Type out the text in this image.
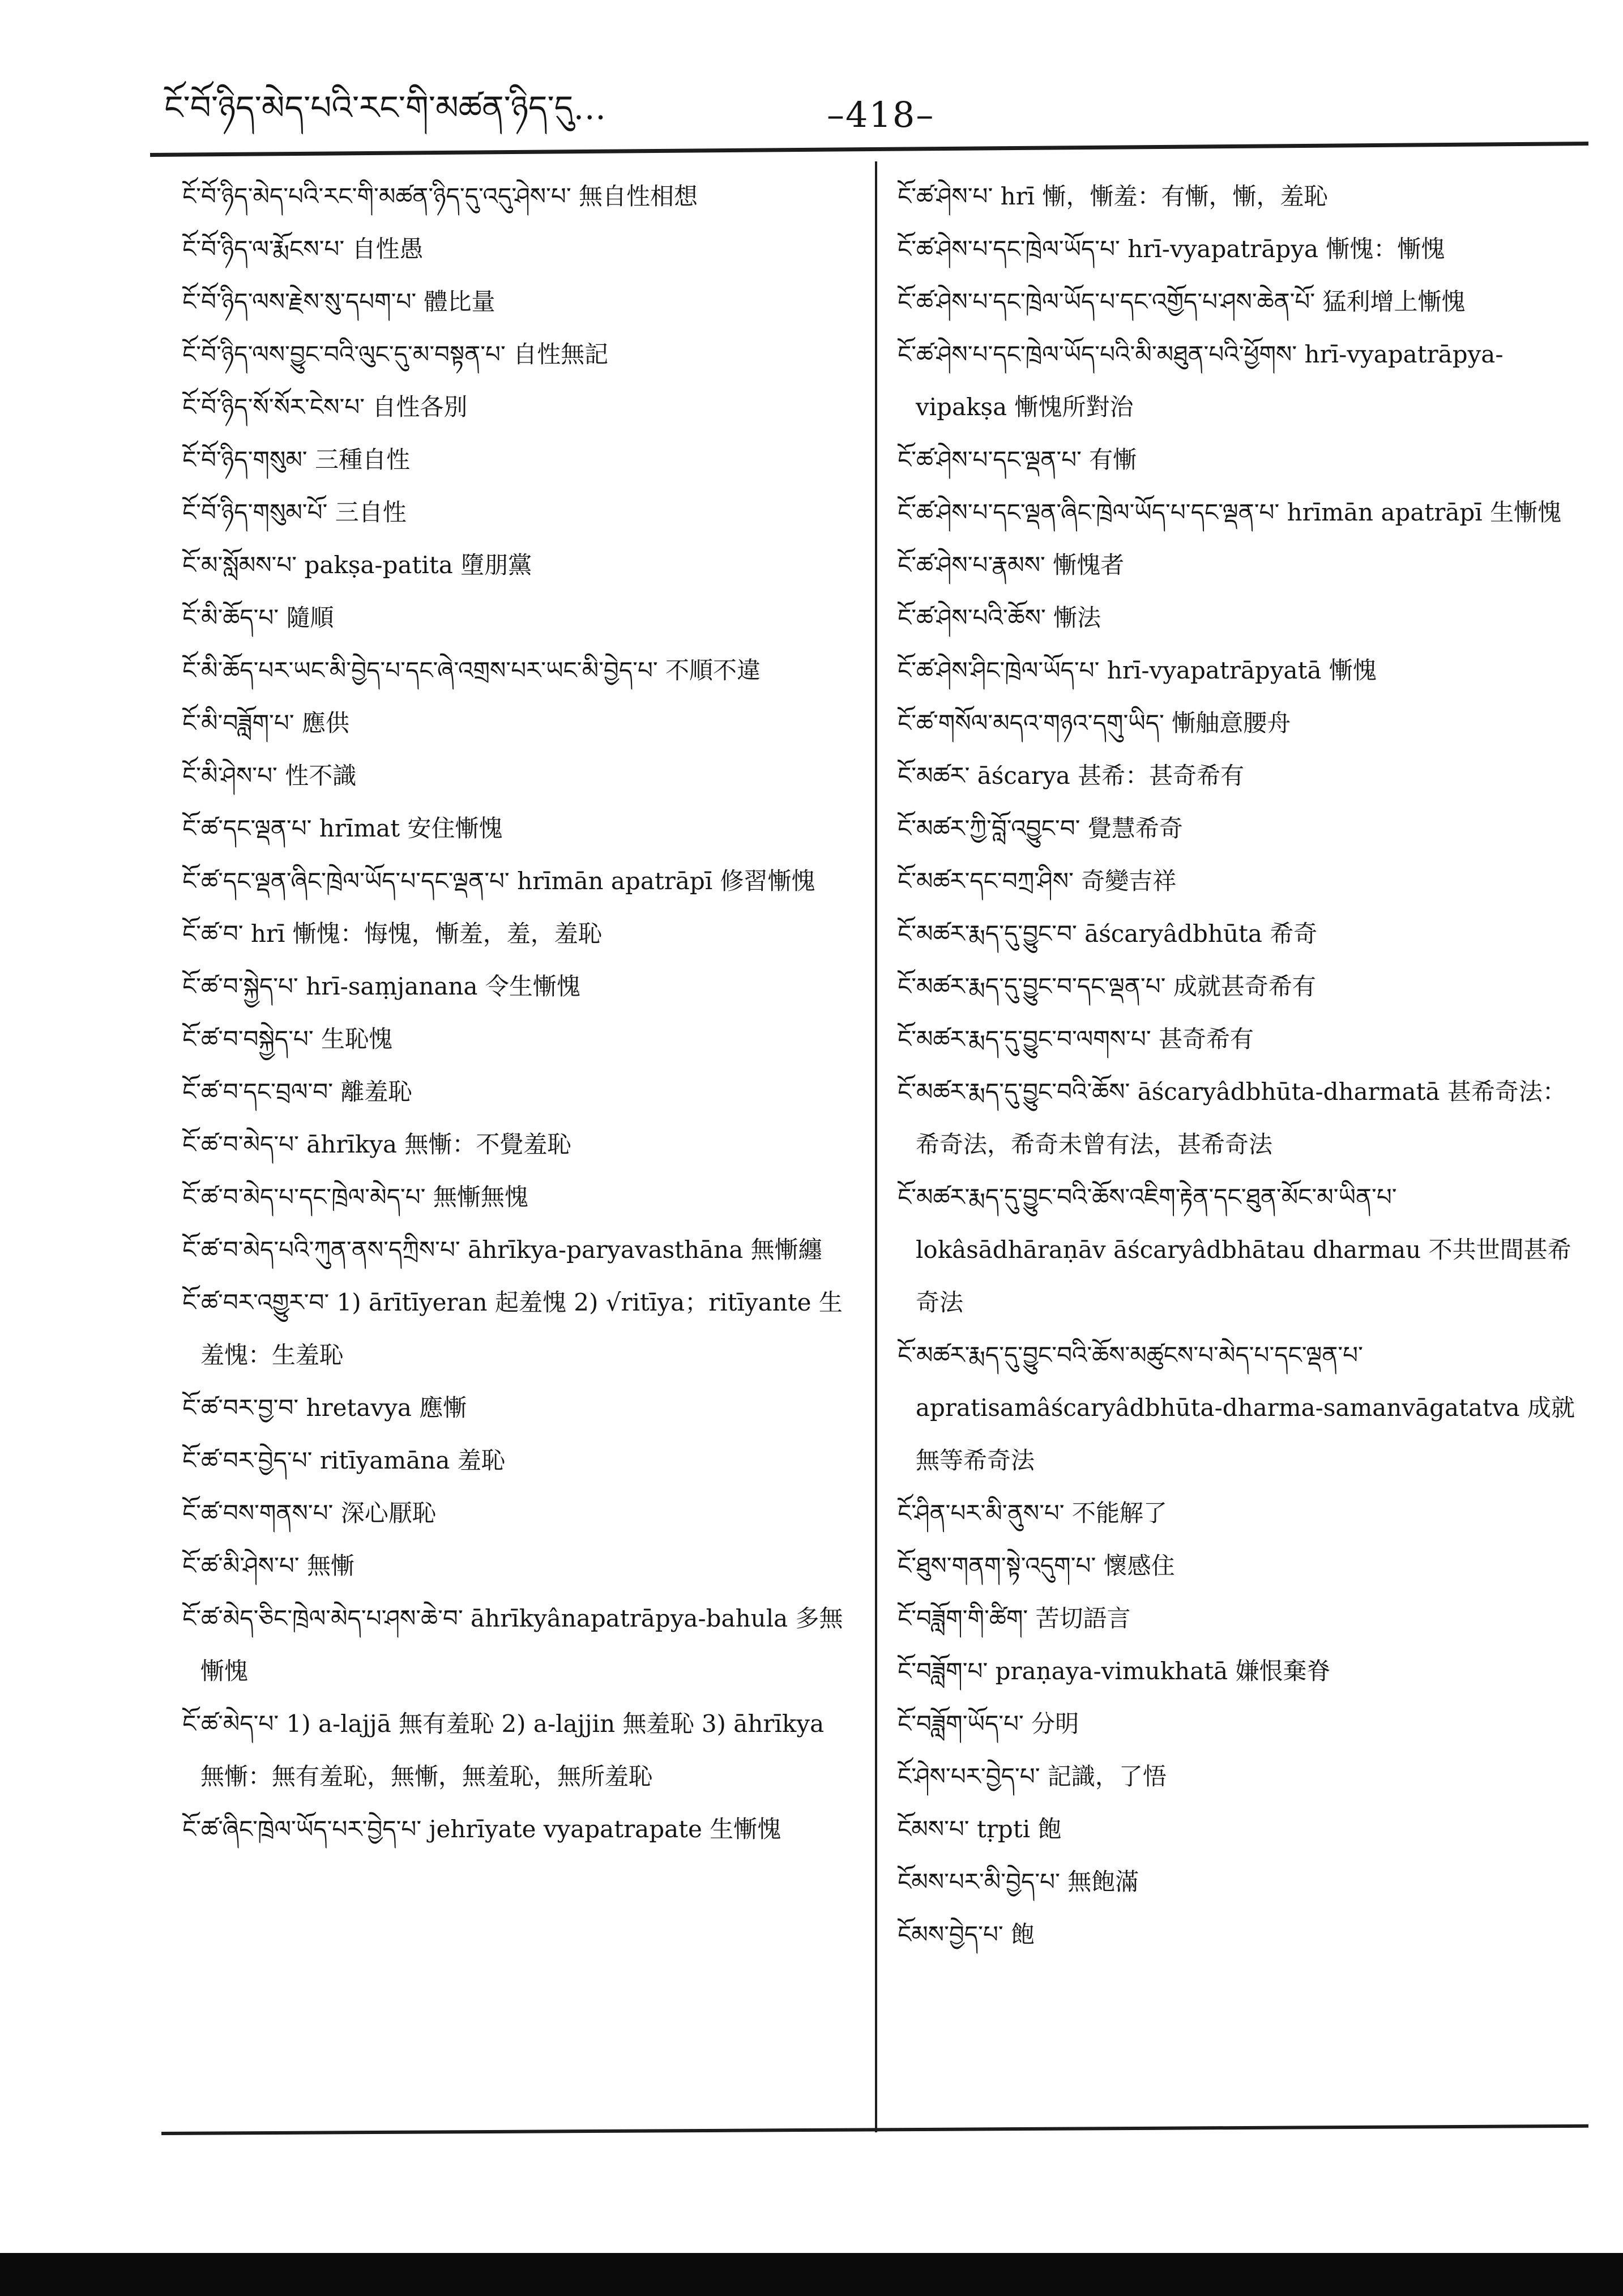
ངོ་བོ་ཉིད་མེད་པའི་རང་གི་མཚན་ཉིད་དུ…	–418–
ངོ་བོ་ཉིད་མེད་པའི་རང་གི་མཚན་ཉིད་དུ་འདུ་ཤེས་པ་ 無自性相想
ངོ་བོ་ཉིད་ལ་རྨོངས་པ་ 自性愚
ངོ་བོ་ཉིད་ལས་རྗེས་སུ་དཔག་པ་ 體比量
ངོ་བོ་ཉིད་ལས་བྱུང་བའི་ལུང་དུ་མ་བསྟན་པ་ 自性無記
ངོ་བོ་ཉིད་སོ་སོར་ངེས་པ་ 自性各別
ངོ་བོ་ཉིད་གསུམ་ 三種自性
ངོ་བོ་ཉིད་གསུམ་པོ་ 三自性
ངོ་མ་སློམས་པ་ pakṣa-patita 墮朋黨
ངོ་མི་ཆོད་པ་ 隨順
ངོ་མི་ཆོད་པར་ཡང་མི་བྱེད་པ་དང་ཞེ་འགྲས་པར་ཡང་མི་བྱེད་པ་ 不順不違
ངོ་མི་བཟློག་པ་ 應供
ངོ་མི་ཤེས་པ་ 性不識
ངོ་ཚ་དང་ལྡན་པ་ hrīmat 安住慚愧
ངོ་ཚ་དང་ལྡན་ཞིང་ཁྲེལ་ཡོད་པ་དང་ལྡན་པ་ hrīmān apatrāpī 修習慚愧
ངོ་ཚ་བ་ hrī 慚愧：悔愧，慚羞，羞，羞恥
ངོ་ཚ་བ་སྐྱེད་པ་ hrī-saṃjanana 令生慚愧
ངོ་ཚ་བ་བསྐྱེད་པ་ 生恥愧
ངོ་ཚ་བ་དང་བྲལ་བ་ 離羞恥
ངོ་ཚ་བ་མེད་པ་ āhrīkya 無慚：不覺羞恥
ངོ་ཚ་བ་མེད་པ་དང་ཁྲེལ་མེད་པ་ 無慚無愧
ངོ་ཚ་བ་མེད་པའི་ཀུན་ནས་དཀྲིས་པ་ āhrīkya-paryavasthāna 無慚纏
ངོ་ཚ་བར་འགྱུར་བ་ 1) ārītīyeran 起羞愧 2) √ritīya；ritīyante 生羞愧：生羞恥
ངོ་ཚ་བར་བྱ་བ་ hretavya 應慚
ངོ་ཚ་བར་བྱེད་པ་ ritīyamāna 羞恥
ངོ་ཚ་བས་གནས་པ་ 深心厭恥
ངོ་ཚ་མི་ཤེས་པ་ 無慚
ངོ་ཚ་མེད་ཅིང་ཁྲེལ་མེད་པ་ཤས་ཆེ་བ་ āhrīkyânapatrāpya-bahula 多無慚愧
ངོ་ཚ་མེད་པ་ 1) a-lajjā 無有羞恥 2) a-lajjin 無羞恥 3) āhrīkya 無慚：無有羞恥，無慚，無羞恥，無所羞恥
ངོ་ཚ་ཞིང་ཁྲེལ་ཡོད་པར་བྱེད་པ་ jehrīyate vyapatrapate 生慚愧
ངོ་ཚ་ཤེས་པ་ hrī 慚，慚羞：有慚，慚，羞恥
ངོ་ཚ་ཤེས་པ་དང་ཁྲེལ་ཡོད་པ་ hrī-vyapatrāpya 慚愧：慚愧
ངོ་ཚ་ཤེས་པ་དང་ཁྲེལ་ཡོད་པ་དང་འགྱོད་པ་ཤས་ཆེན་པོ་ 猛利增上慚愧
ངོ་ཚ་ཤེས་པ་དང་ཁྲེལ་ཡོད་པའི་མི་མཐུན་པའི་ཕྱོགས་ hrī-vyapatrāpya-vipakṣa 慚愧所對治
ངོ་ཚ་ཤེས་པ་དང་ལྡན་པ་ 有慚
ངོ་ཚ་ཤེས་པ་དང་ལྡན་ཞིང་ཁྲེལ་ཡོད་པ་དང་ལྡན་པ་ hrīmān apatrāpī 生慚愧
ངོ་ཚ་ཤེས་པ་རྣམས་ 慚愧者
ངོ་ཚ་ཤེས་པའི་ཆོས་ 慚法
ངོ་ཚ་ཤེས་ཤིང་ཁྲེལ་ཡོད་པ་ hrī-vyapatrāpyatā 慚愧
ངོ་ཚ་གསོལ་མདའ་གཉའ་དགུ་ཡིད་ 慚舳意腰舟
ངོ་མཚར་ āścarya 甚希：甚奇希有
ངོ་མཚར་ཀྱི་བློ་འབྱུང་བ་ 覺慧希奇
ངོ་མཚར་དང་བཀྲ་ཤིས་ 奇變吉祥
ངོ་མཚར་རྨད་དུ་བྱུང་བ་ āścaryâdbhūta 希奇
ངོ་མཚར་རྨད་དུ་བྱུང་བ་དང་ལྡན་པ་ 成就甚奇希有
ངོ་མཚར་རྨད་དུ་བྱུང་བ་ལགས་པ་ 甚奇希有
ངོ་མཚར་རྨད་དུ་བྱུང་བའི་ཆོས་ āścaryâdbhūta-dharmatā 甚希奇法：希奇法，希奇未曾有法，甚希奇法
ངོ་མཚར་རྨད་དུ་བྱུང་བའི་ཆོས་འཇིག་རྟེན་དང་ཐུན་མོང་མ་ཡིན་པ་ lokâsādhāraṇāv āścaryâdbhātau dharmau 不共世間甚希奇法
ངོ་མཚར་རྨད་དུ་བྱུང་བའི་ཆོས་མཚུངས་པ་མེད་པ་དང་ལྡན་པ་ apratisamâścaryâdbhūta-dharma-samanvāgatatva 成就無等希奇法
ངོ་ཤིན་པར་མི་ནུས་པ་ 不能解了
ངོ་ཐུས་གནག་སྟེ་འདུག་པ་ 懷感住
ངོ་བཟློག་གི་ཚིག་ 苦切語言
ངོ་བཟློག་པ་ praṇaya-vimukhatā 嫌恨棄脊
ངོ་བཟློག་ཡོད་པ་ 分明
ངོ་ཤེས་པར་བྱེད་པ་ 記識，了悟
ངོམས་པ་ tṛpti 飽
ངོམས་པར་མི་བྱེད་པ་ 無飽滿
ངོམས་བྱེད་པ་ 飽
